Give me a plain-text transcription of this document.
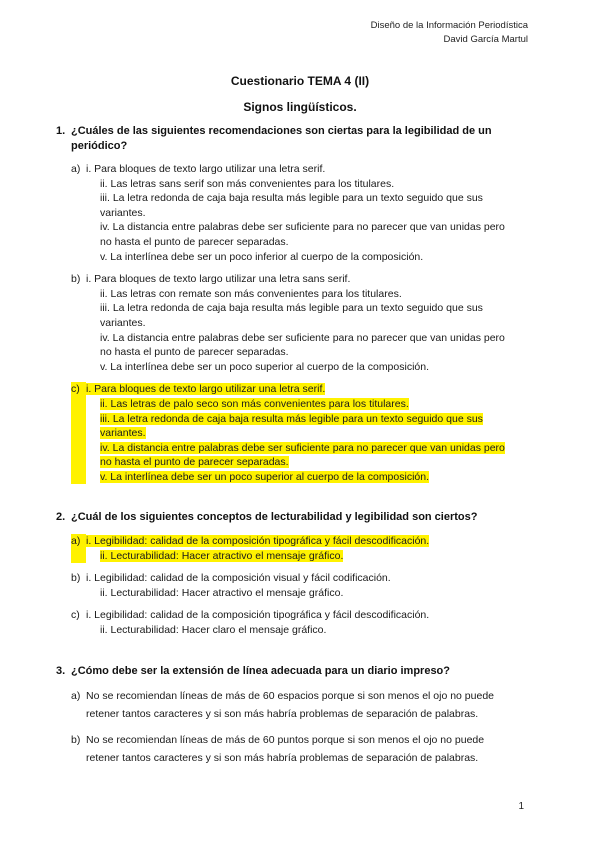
Diseño de la Información Periodística
David García Martul
Cuestionario TEMA 4 (II)
Signos lingüísticos.
1. ¿Cuáles de las siguientes recomendaciones son ciertas para la legibilidad de un periódico?
a) i. Para bloques de texto largo utilizar una letra serif.
ii. Las letras sans serif son más convenientes para los titulares.
iii. La letra redonda de caja baja resulta más legible para un texto seguido que sus
variantes.
iv. La distancia entre palabras debe ser suficiente para no parecer que van unidas pero
no hasta el punto de parecer separadas.
v. La interlínea debe ser un poco inferior al cuerpo de la composición.
b) i. Para bloques de texto largo utilizar una letra sans serif.
ii. Las letras con remate son más convenientes para los titulares.
iii. La letra redonda de caja baja resulta más legible para un texto seguido que sus
variantes.
iv. La distancia entre palabras debe ser suficiente para no parecer que van unidas pero
no hasta el punto de parecer separadas.
v. La interlínea debe ser un poco superior al cuerpo de la composición.
c) i. Para bloques de texto largo utilizar una letra serif.
ii. Las letras de palo seco son más convenientes para los titulares.
iii. La letra redonda de caja baja resulta más legible para un texto seguido que sus
variantes.
iv. La distancia entre palabras debe ser suficiente para no parecer que van unidas pero
no hasta el punto de parecer separadas.
v. La interlínea debe ser un poco superior al cuerpo de la composición.
2. ¿Cuál de los siguientes conceptos de lecturabilidad y legibilidad son ciertos?
a) i. Legibilidad: calidad de la composición tipográfica y fácil descodificación.
ii. Lecturabilidad: Hacer atractivo el mensaje gráfico.
b) i. Legibilidad: calidad de la composición visual y fácil codificación.
ii. Lecturabilidad: Hacer atractivo el mensaje gráfico.
c) i. Legibilidad: calidad de la composición tipográfica y fácil descodificación.
ii. Lecturabilidad: Hacer claro el mensaje gráfico.
3. ¿Cómo debe ser la extensión de línea adecuada para un diario impreso?
a) No se recomiendan líneas de más de 60 espacios porque si son menos el ojo no puede
retener tantos caracteres y si son más habría problemas de separación de palabras.
b) No se recomiendan líneas de más de 60 puntos porque si son menos el ojo no puede
retener tantos caracteres y si son más habría problemas de separación de palabras.
1
